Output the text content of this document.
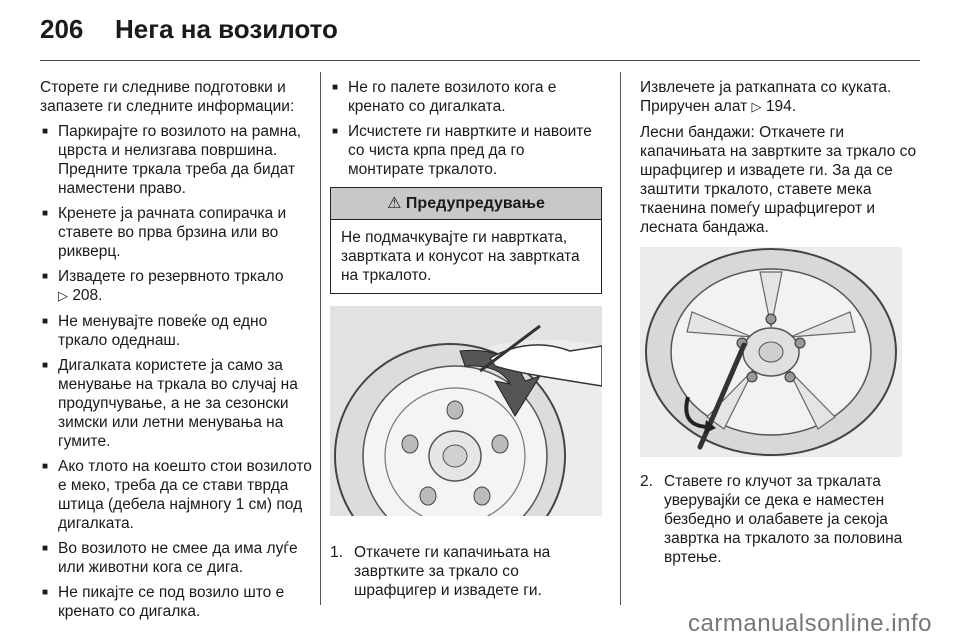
206 Нега на возилото

Сторете ги следниве подготовки и запазете ги следните информации:

■ Паркирајте го возилото на рамна, цврста и нелизгава површина. Предните тркала треба да бидат наместени право.
■ Кренете ја рачната сопирачка и ставете во прва брзина или во рикверц.
■ Извадете го резервното тркало
▷ 208.
■ Не менувајте повеќе од едно тркало одеднаш.
■ Дигалката користете ја само за менување на тркала во случај на продупчување, а не за сезонски зимски или летни менувања на гумите.
■ Ако тлото на коешто стои возилото е меко, треба да се стави тврда штица (дебела најмногу 1 см) под дигалката.
■ Во возилото не смее да има луѓе или животни кога се дига.
■ Не пикајте се под возило што е кренато со дигалка.
■ Не го палете возилото кога е кренато со дигалката.
■ Исчистете ги навртките и навоите со чиста крпа пред да го монтирате тркалото.
⚠ Предупредување
Не подмачкувајте ги навртката, завртката и конусот на завртката на тркалото.
1. Откачете ги капачињата на завртките за тркало со шрафцигер и извадете ги.

Извлечете ја раткапната со куката. Приручен алат ▷ 194.

Лесни бандажи: Откачете ги капачињата на завртките за тркало со шрафцигер и извадете ги. За да се заштити тркалото, ставете мека ткаенина помеѓу шрафцигерот и лесната бандажа.

2. Ставете го клучот за тркалата уверувајќи се дека е наместен безбедно и олабавете ја секоја завртка на тркалото за половина вртење.
carmanualsonline.info
